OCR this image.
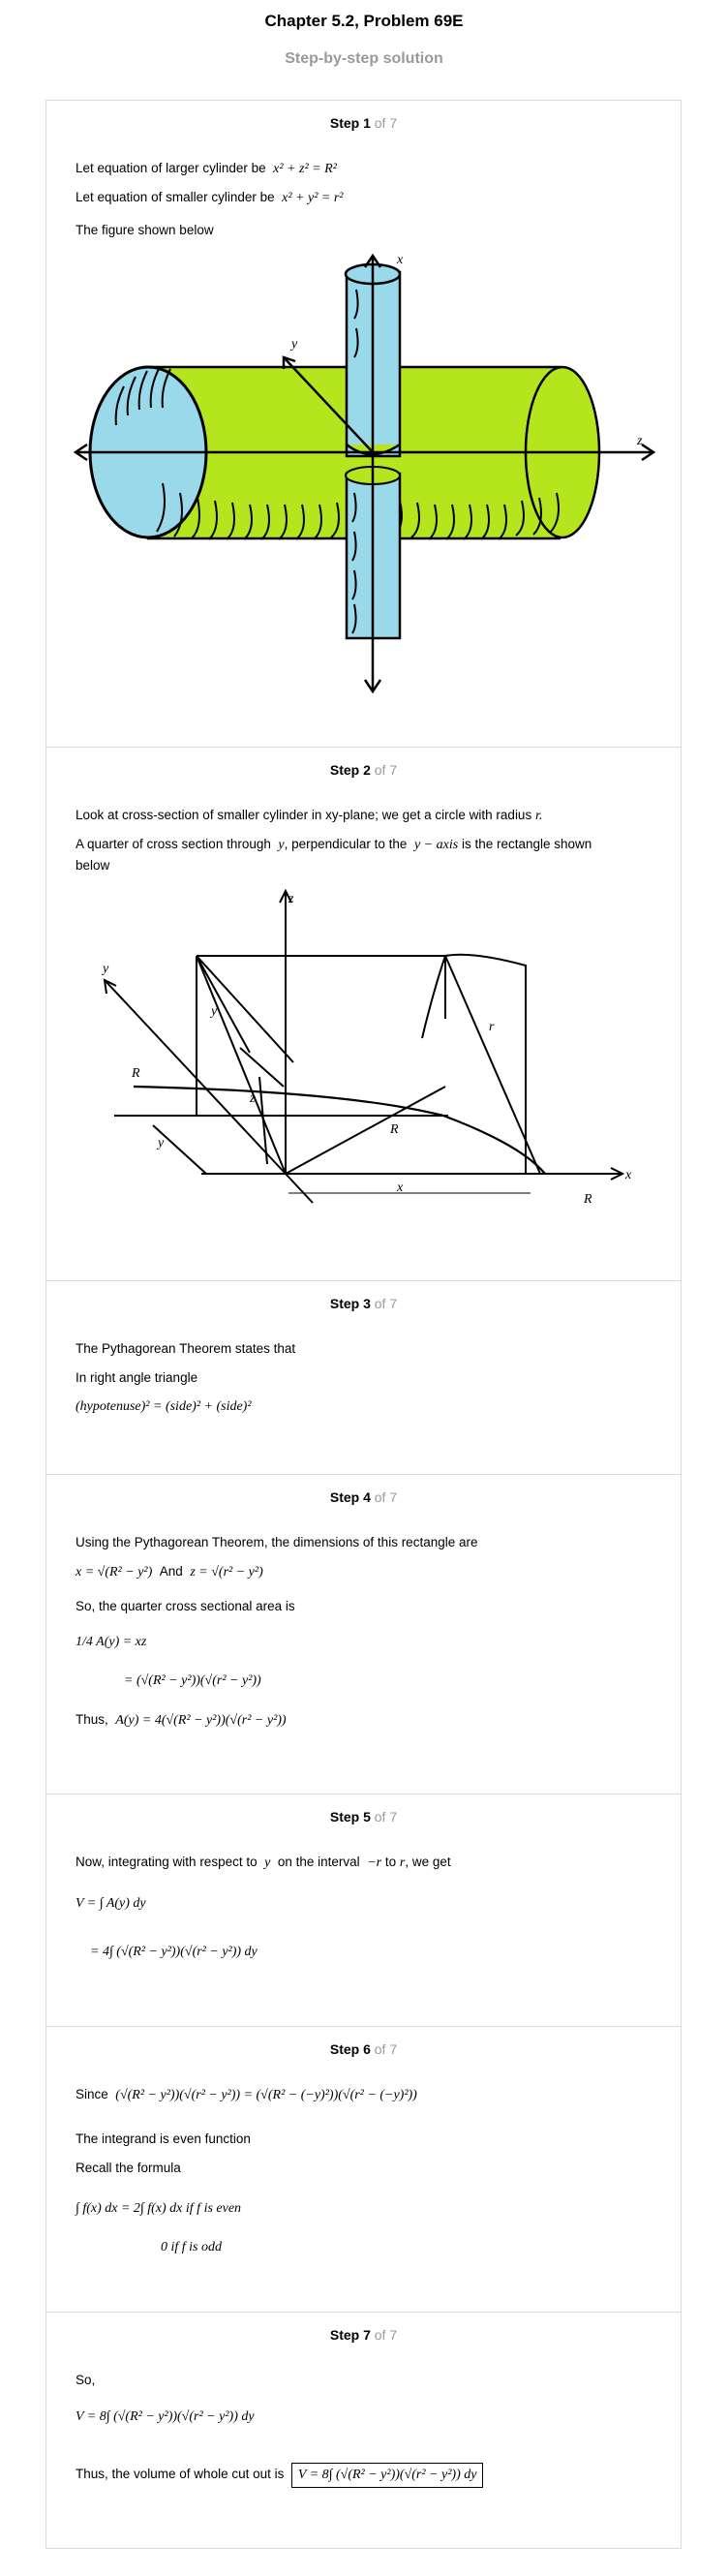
Chapter 5.2, Problem 69E
Step-by-step solution
Step 1 of 7
Let equation of larger cylinder be x² + z² = R²
Let equation of smaller cylinder be x² + y² = r²
The figure shown below
x
y
z
Step 2 of 7
Look at cross-section of smaller cylinder in xy-plane; we get a circle with radius r.
A quarter of cross section through y, perpendicular to the y − axis is the rectangle shown
below
z
y
x
R
y
z
y
R
r
x
R
Step 3 of 7
The Pythagorean Theorem states that
In right angle triangle
(hypotenuse)² = (side)² + (side)²
Step 4 of 7
Using the Pythagorean Theorem, the dimensions of this rectangle are
x = √(R² − y²) And z = √(r² − y²)
So, the quarter cross sectional area is
1/4 A(y) = xz
= (√(R² − y²))(√(r² − y²))
Thus, A(y) = 4(√(R² − y²))(√(r² − y²))
Step 5 of 7
Now, integrating with respect to y on the interval −r to r, we get
V = ∫ A(y) dy
= 4∫ (√(R² − y²))(√(r² − y²)) dy
Step 6 of 7
Since (√(R² − y²))(√(r² − y²)) = (√(R² − (−y)²))(√(r² − (−y)²))
The integrand is even function
Recall the formula
∫ f(x) dx = 2∫ f(x) dx if f is even
0 if f is odd
Step 7 of 7
So,
V = 8∫ (√(R² − y²))(√(r² − y²)) dy
Thus, the volume of whole cut out is V = 8∫ (√(R² − y²))(√(r² − y²)) dy
